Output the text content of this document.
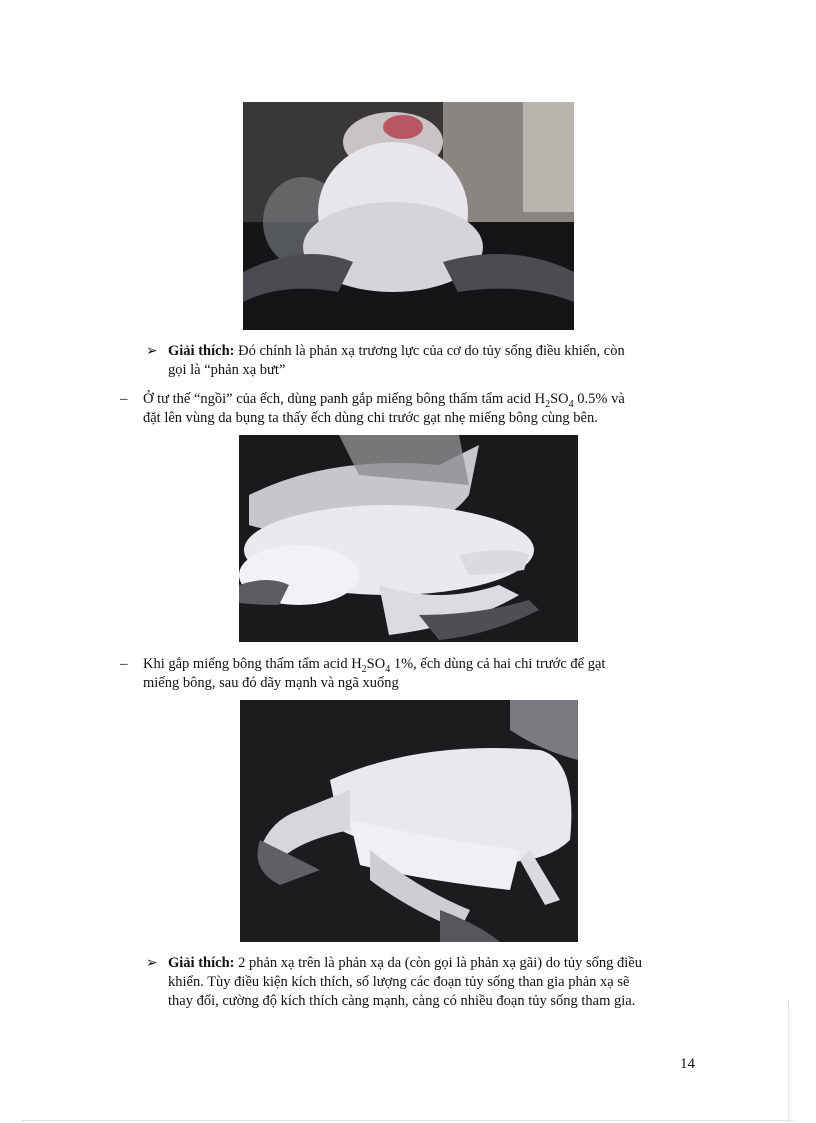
➢ Giải thích: Đó chính là phản xạ trương lực của cơ do tủy sống điều khiển, còn
gọi là “phản xạ bưt”
– Ở tư thế “ngồi” của ếch, dùng panh gắp miếng bông thấm tẩm acid $H_2SO_4$ 0.5% và
đặt lên vùng da bụng ta thấy ếch dùng chi trước gạt nhẹ miếng bông cùng bên.
– Khi gắp miếng bông thấm tẩm acid $H_2SO_4$ 1%, ếch dùng cả hai chi trước để gạt
miếng bông, sau đó dãy mạnh và ngã xuống
➢ Giải thích: 2 phản xạ trên là phản xạ da (còn gọi là phản xạ gãi) do tủy sống điều
khiển. Tùy điều kiện kích thích, số lượng các đoạn tủy sống than gia phản xạ sẽ
thay đổi, cường độ kích thích càng mạnh, càng có nhiều đoạn tủy sống tham gia.
14
